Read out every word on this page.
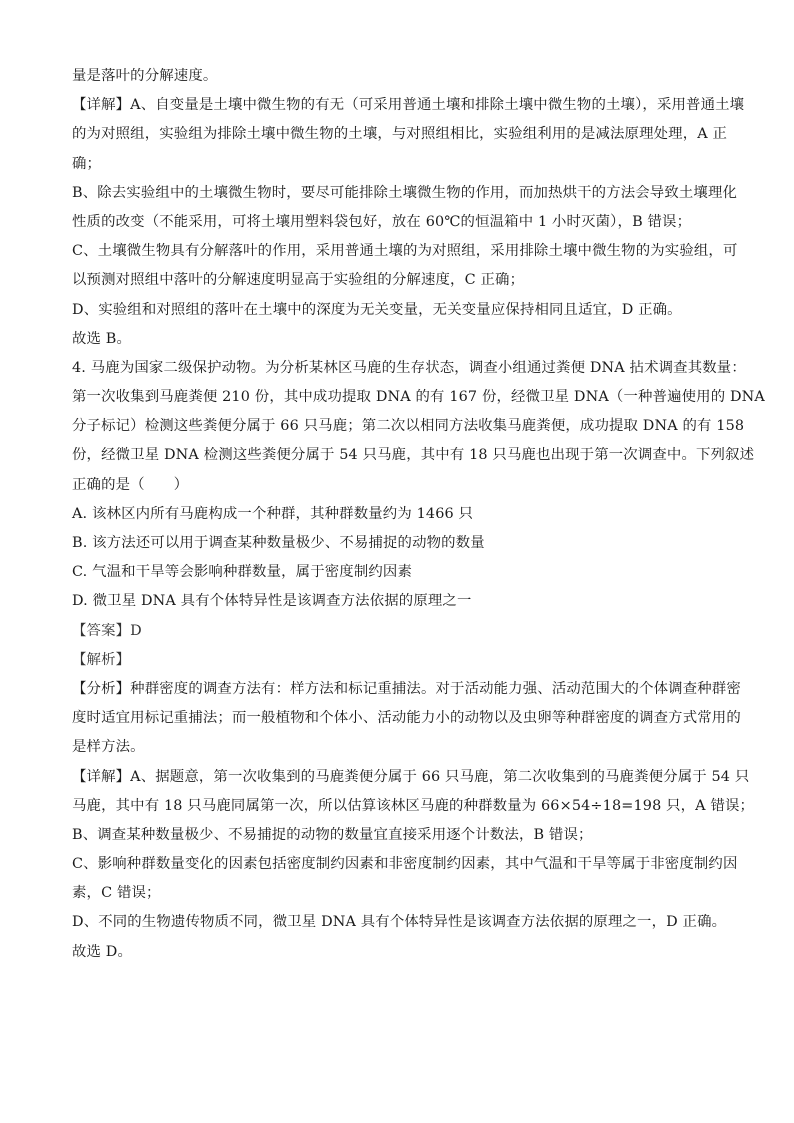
量是落叶的分解速度。
【详解】A、自变量是土壤中微生物的有无（可采用普通土壤和排除土壤中微生物的土壤），采用普通土壤
的为对照组，实验组为排除土壤中微生物的土壤，与对照组相比，实验组利用的是减法原理处理，A 正
确；
B、除去实验组中的土壤微生物时，要尽可能排除土壤微生物的作用，而加热烘干的方法会导致土壤理化
性质的改变（不能采用，可将土壤用塑料袋包好，放在 60℃的恒温箱中 1 小时灭菌），B 错误；
C、土壤微生物具有分解落叶的作用，采用普通土壤的为对照组，采用排除土壤中微生物的为实验组，可
以预测对照组中落叶的分解速度明显高于实验组的分解速度，C 正确；
D、实验组和对照组的落叶在土壤中的深度为无关变量，无关变量应保持相同且适宜，D 正确。
故选 B。
4. 马鹿为国家二级保护动物。为分析某林区马鹿的生存状态，调查小组通过粪便 DNA 拈术调查其数量：
第一次收集到马鹿粪便 210 份，其中成功提取 DNA 的有 167 份，经微卫星 DNA（一种普遍使用的 DNA
分子标记）检测这些粪便分属于 66 只马鹿；第二次以相同方法收集马鹿粪便，成功提取 DNA 的有 158
份，经微卫星 DNA 检测这些粪便分属于 54 只马鹿，其中有 18 只马鹿也出现于第一次调查中。下列叙述
正确的是（　　）
A. 该林区内所有马鹿构成一个种群，其种群数量约为 1466 只
B. 该方法还可以用于调查某种数量极少、不易捕捉的动物的数量
C. 气温和干旱等会影响种群数量，属于密度制约因素
D. 微卫星 DNA 具有个体特异性是该调查方法依据的原理之一
【答案】D
【解析】
【分析】种群密度的调查方法有：样方法和标记重捕法。对于活动能力强、活动范围大的个体调查种群密
度时适宜用标记重捕法；而一般植物和个体小、活动能力小的动物以及虫卵等种群密度的调查方式常用的
是样方法。
【详解】A、据题意，第一次收集到的马鹿粪便分属于 66 只马鹿，第二次收集到的马鹿粪便分属于 54 只
马鹿，其中有 18 只马鹿同属第一次，所以估算该林区马鹿的种群数量为 66×54÷18=198 只，A 错误；
B、调查某种数量极少、不易捕捉的动物的数量宜直接采用逐个计数法，B 错误；
C、影响种群数量变化的因素包括密度制约因素和非密度制约因素，其中气温和干旱等属于非密度制约因
素，C 错误；
D、不同的生物遗传物质不同，微卫星 DNA 具有个体特异性是该调查方法依据的原理之一，D 正确。
故选 D。
